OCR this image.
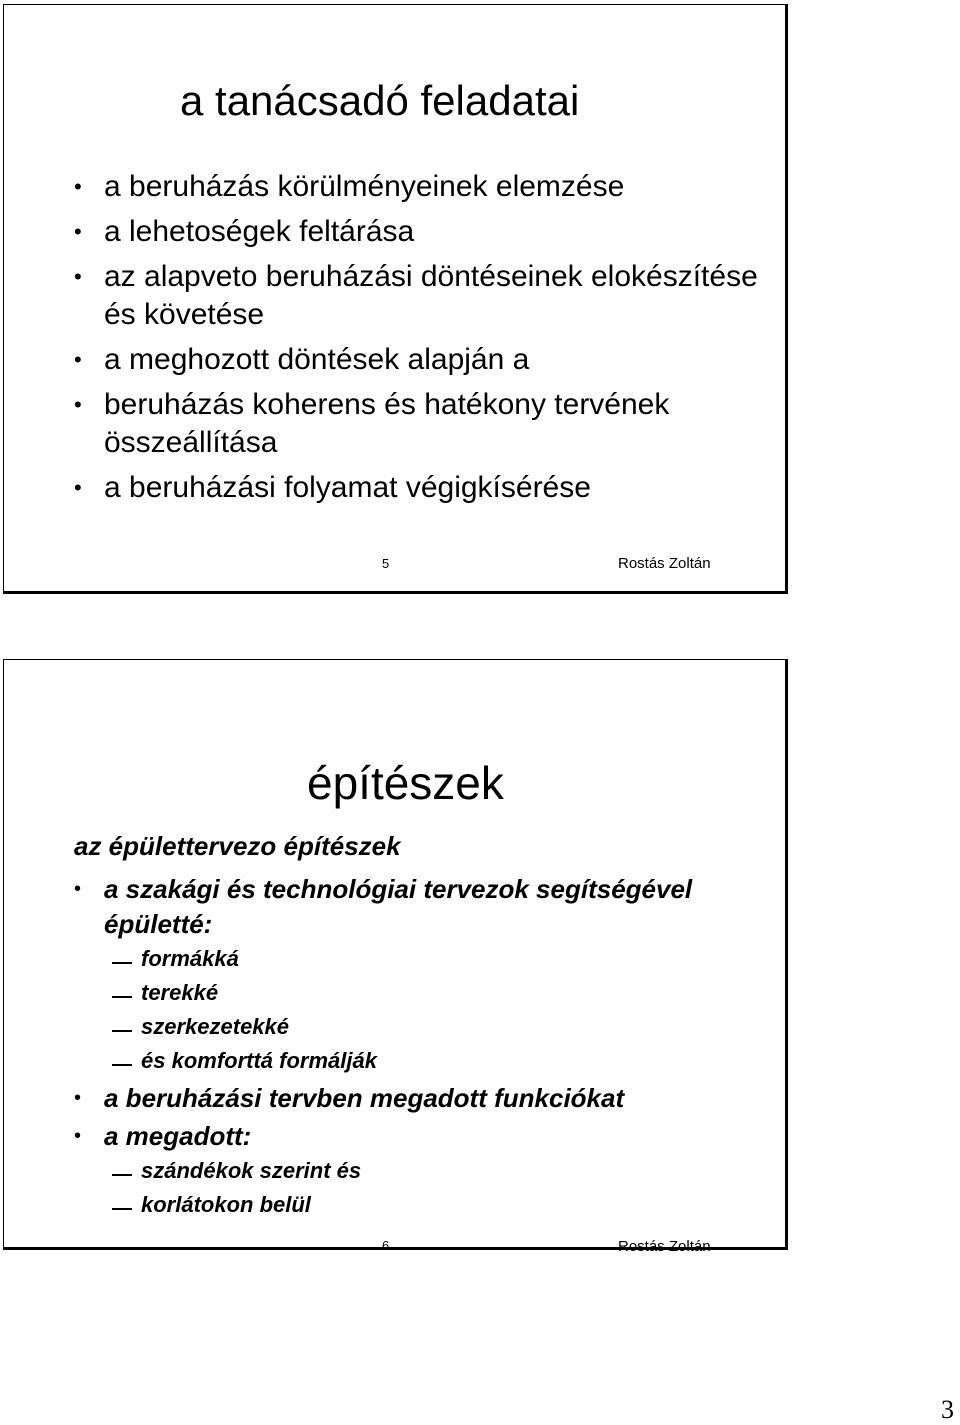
a tanácsadó feladatai
• a beruházás körülményeinek elemzése
• a lehetoségek feltárása
• az alapveto beruházási döntéseinek elokészítése és követése
• a meghozott döntések alapján a
• beruházás koherens és hatékony tervének összeállítása
• a beruházási folyamat végigkísérése
5	Rostás Zoltán
építészek

az épülettervezo építészek

• a szakági és technológiai tervezok segítségével épületté:
formákká
terekké
szerkezetekké
és komforttá formálják
• a beruházási tervben megadott funkciókat
• a megadott:
szándékok szerint és
korlátokon belül
6	Rostás Zoltán
3
